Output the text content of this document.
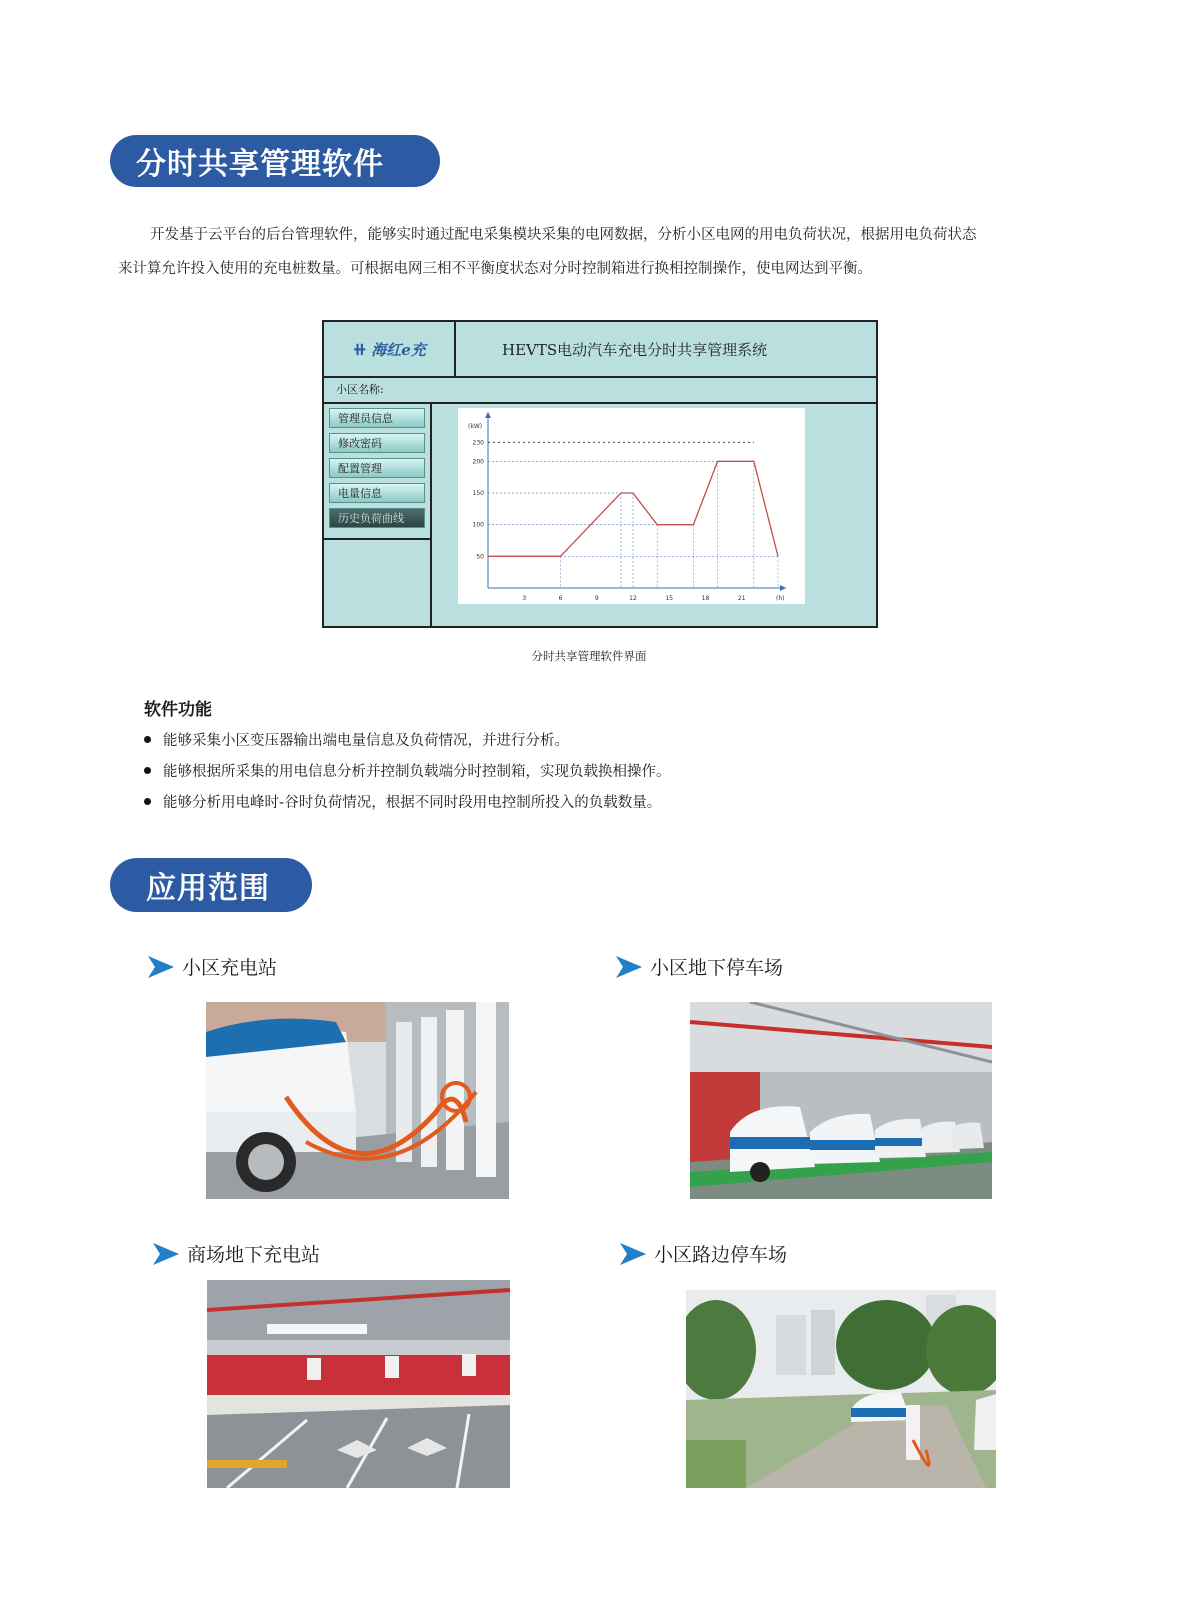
分时共享管理软件
开发基于云平台的后台管理软件，能够实时通过配电采集模块采集的电网数据，分析小区电网的用电负荷状况，根据用电负荷状态
来计算允许投入使用的充电桩数量。可根据电网三相不平衡度状态对分时控制箱进行换相控制操作，使电网达到平衡。
⧺ 海红e充	HEVTS电动汽车充电分时共享管理系统
小区名称:
管理员信息
修改密码
配置管理
电量信息
历史负荷曲线
(kW)
(h)
50
100
150
200
230
3	6	9	12	15	18	21
分时共享管理软件界面
软件功能
能够采集小区变压器输出端电量信息及负荷情况，并进行分析。
能够根据所采集的用电信息分析并控制负载端分时控制箱，实现负载换相操作。
能够分析用电峰时-谷时负荷情况，根据不同时段用电控制所投入的负载数量。
应用范围
小区充电站	小区地下停车场
商场地下充电站	小区路边停车场
